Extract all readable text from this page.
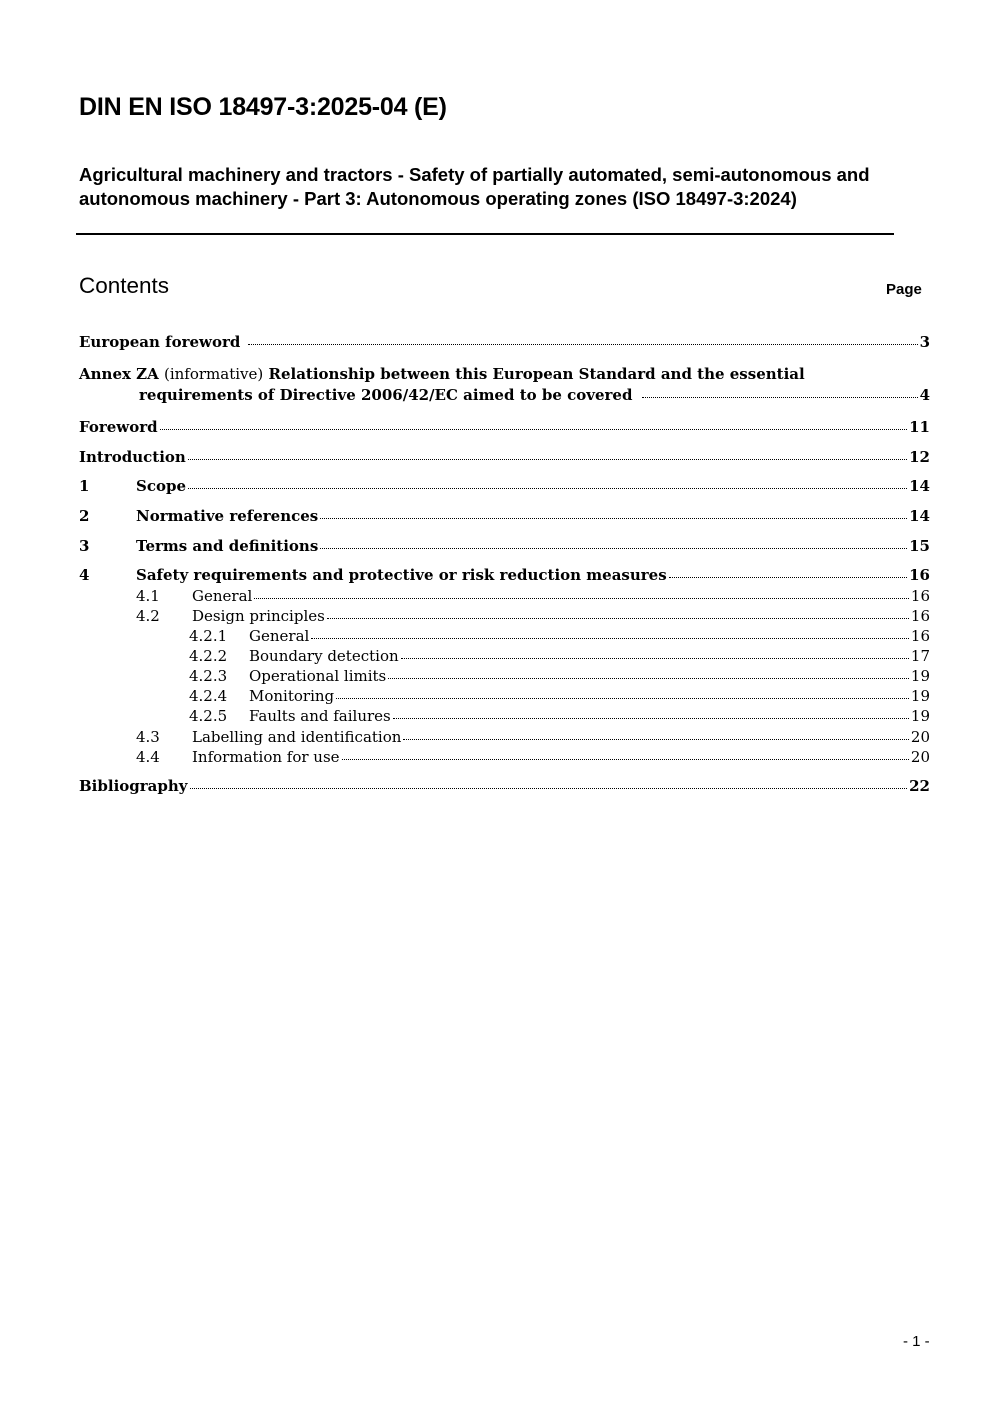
DIN EN ISO 18497-3:2025-04 (E)

Agricultural machinery and tractors - Safety of partially automated, semi-autonomous and autonomous machinery - Part 3: Autonomous operating zones (ISO 18497-3:2024)

Contents	Page
European foreword	3
Annex ZA (informative) Relationship between this European Standard and the essential
requirements of Directive 2006/42/EC aimed to be covered	4
Foreword	11
Introduction	12
1	Scope	14
2	Normative references	14
3	Terms and definitions	15
4	Safety requirements and protective or risk reduction measures	16
4.1	General	16
4.2	Design principles	16
4.2.1	General	16
4.2.2	Boundary detection	17
4.2.3	Operational limits	19
4.2.4	Monitoring	19
4.2.5	Faults and failures	19
4.3	Labelling and identification	20
4.4	Information for use	20
Bibliography	22
- 1 -
